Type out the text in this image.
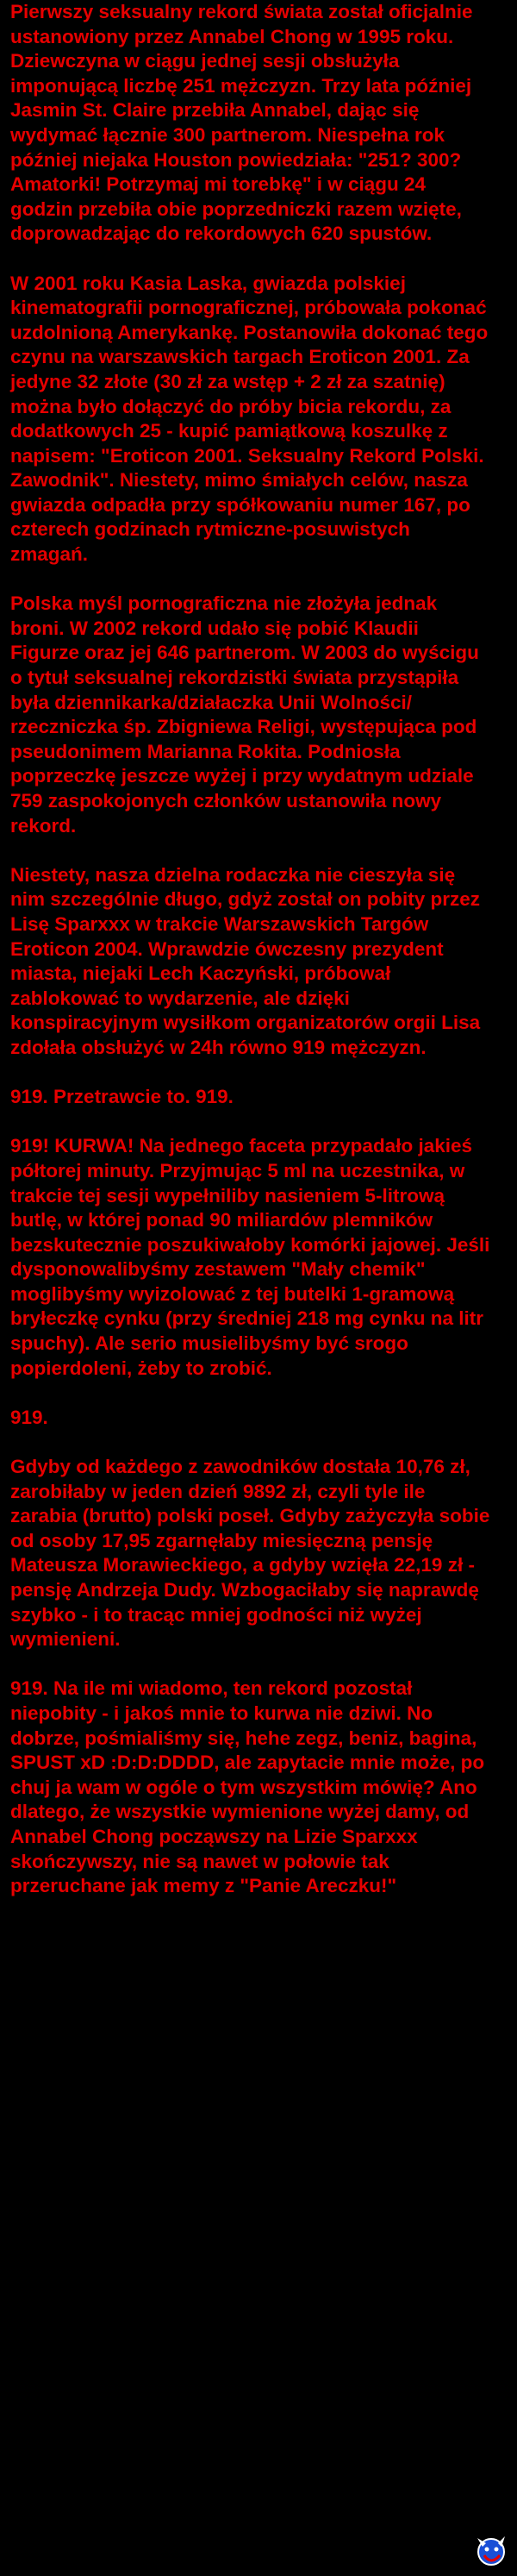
Pierwszy seksualny rekord świata został oficjalnie ustanowiony przez Annabel Chong w 1995 roku. Dziewczyna w ciągu jednej sesji obsłużyła imponującą liczbę 251 mężczyzn. Trzy lata później Jasmin St. Claire przebiła Annabel, dając się wydymać łącznie 300 partnerom. Niespełna rok później niejaka Houston powiedziała: "251? 300? Amatorki! Potrzymaj mi torebkę" i w ciągu 24 godzin przebiła obie poprzedniczki razem wzięte, doprowadzając do rekordowych 620 spustów.

W 2001 roku Kasia Laska, gwiazda polskiej kinematografii pornograficznej, próbowała pokonać uzdolnioną Amerykankę. Postanowiła dokonać tego czynu na warszawskich targach Eroticon 2001. Za jedyne 32 złote (30 zł za wstęp + 2 zł za szatnię) można było dołączyć do próby bicia rekordu, za dodatkowych 25 - kupić pamiątkową koszulkę z napisem: "Eroticon 2001. Seksualny Rekord Polski. Zawodnik". Niestety, mimo śmiałych celów, nasza gwiazda odpadła przy spółkowaniu numer 167, po czterech godzinach rytmiczne-posuwistych zmagań.

Polska myśl pornograficzna nie złożyła jednak broni. W 2002 rekord udało się pobić Klaudii Figurze oraz jej 646 partnerom. W 2003 do wyścigu o tytuł seksualnej rekordzistki świata przystąpiła była dziennikarka/działaczka Unii Wolności/ rzeczniczka śp. Zbigniewa Religi, występująca pod pseudonimem Marianna Rokita. Podniosła poprzeczkę jeszcze wyżej i przy wydatnym udziale 759 zaspokojonych członków ustanowiła nowy rekord.

Niestety, nasza dzielna rodaczka nie cieszyła się nim szczególnie długo, gdyż został on pobity przez Lisę Sparxxx w trakcie Warszawskich Targów Eroticon 2004. Wprawdzie ówczesny prezydent miasta, niejaki Lech Kaczyński, próbował zablokować to wydarzenie, ale dzięki konspiracyjnym wysiłkom organizatorów orgii Lisa zdołała obsłużyć w 24h równo 919 mężczyzn.

919. Przetrawcie to. 919.

919! KURWA! Na jednego faceta przypadało jakieś półtorej minuty. Przyjmując 5 ml na uczestnika, w trakcie tej sesji wypełniliby nasieniem 5-litrową butlę, w której ponad 90 miliardów plemników bezskutecznie poszukiwałoby komórki jajowej. Jeśli dysponowalibyśmy zestawem "Mały chemik" moglibyśmy wyizolować z tej butelki 1-gramową bryłeczkę cynku (przy średniej 218 mg cynku na litr spuchy). Ale serio musielibyśmy być srogo popierdoleni, żeby to zrobić.

919.

Gdyby od każdego z zawodników dostała 10,76 zł, zarobiłaby w jeden dzień 9892 zł, czyli tyle ile zarabia (brutto) polski poseł. Gdyby zażyczyła sobie od osoby 17,95 zgarnęłaby miesięczną pensję Mateusza Morawieckiego, a gdyby wzięła 22,19 zł - pensję Andrzeja Dudy. Wzbogaciłaby się naprawdę szybko - i to tracąc mniej godności niż wyżej wymienieni.

919. Na ile mi wiadomo, ten rekord pozostał niepobity - i jakoś mnie to kurwa nie dziwi. No dobrze, pośmialiśmy się, hehe zegz, beniz, bagina, SPUST xD :D:D:DDDD, ale zapytacie mnie może, po chuj ja wam w ogóle o tym wszystkim mówię? Ano dlatego, że wszystkie wymienione wyżej damy, od Annabel Chong począwszy na Lizie Sparxxx skończywszy, nie są nawet w połowie tak przeruchane jak memy z "Panie Areczku!"
